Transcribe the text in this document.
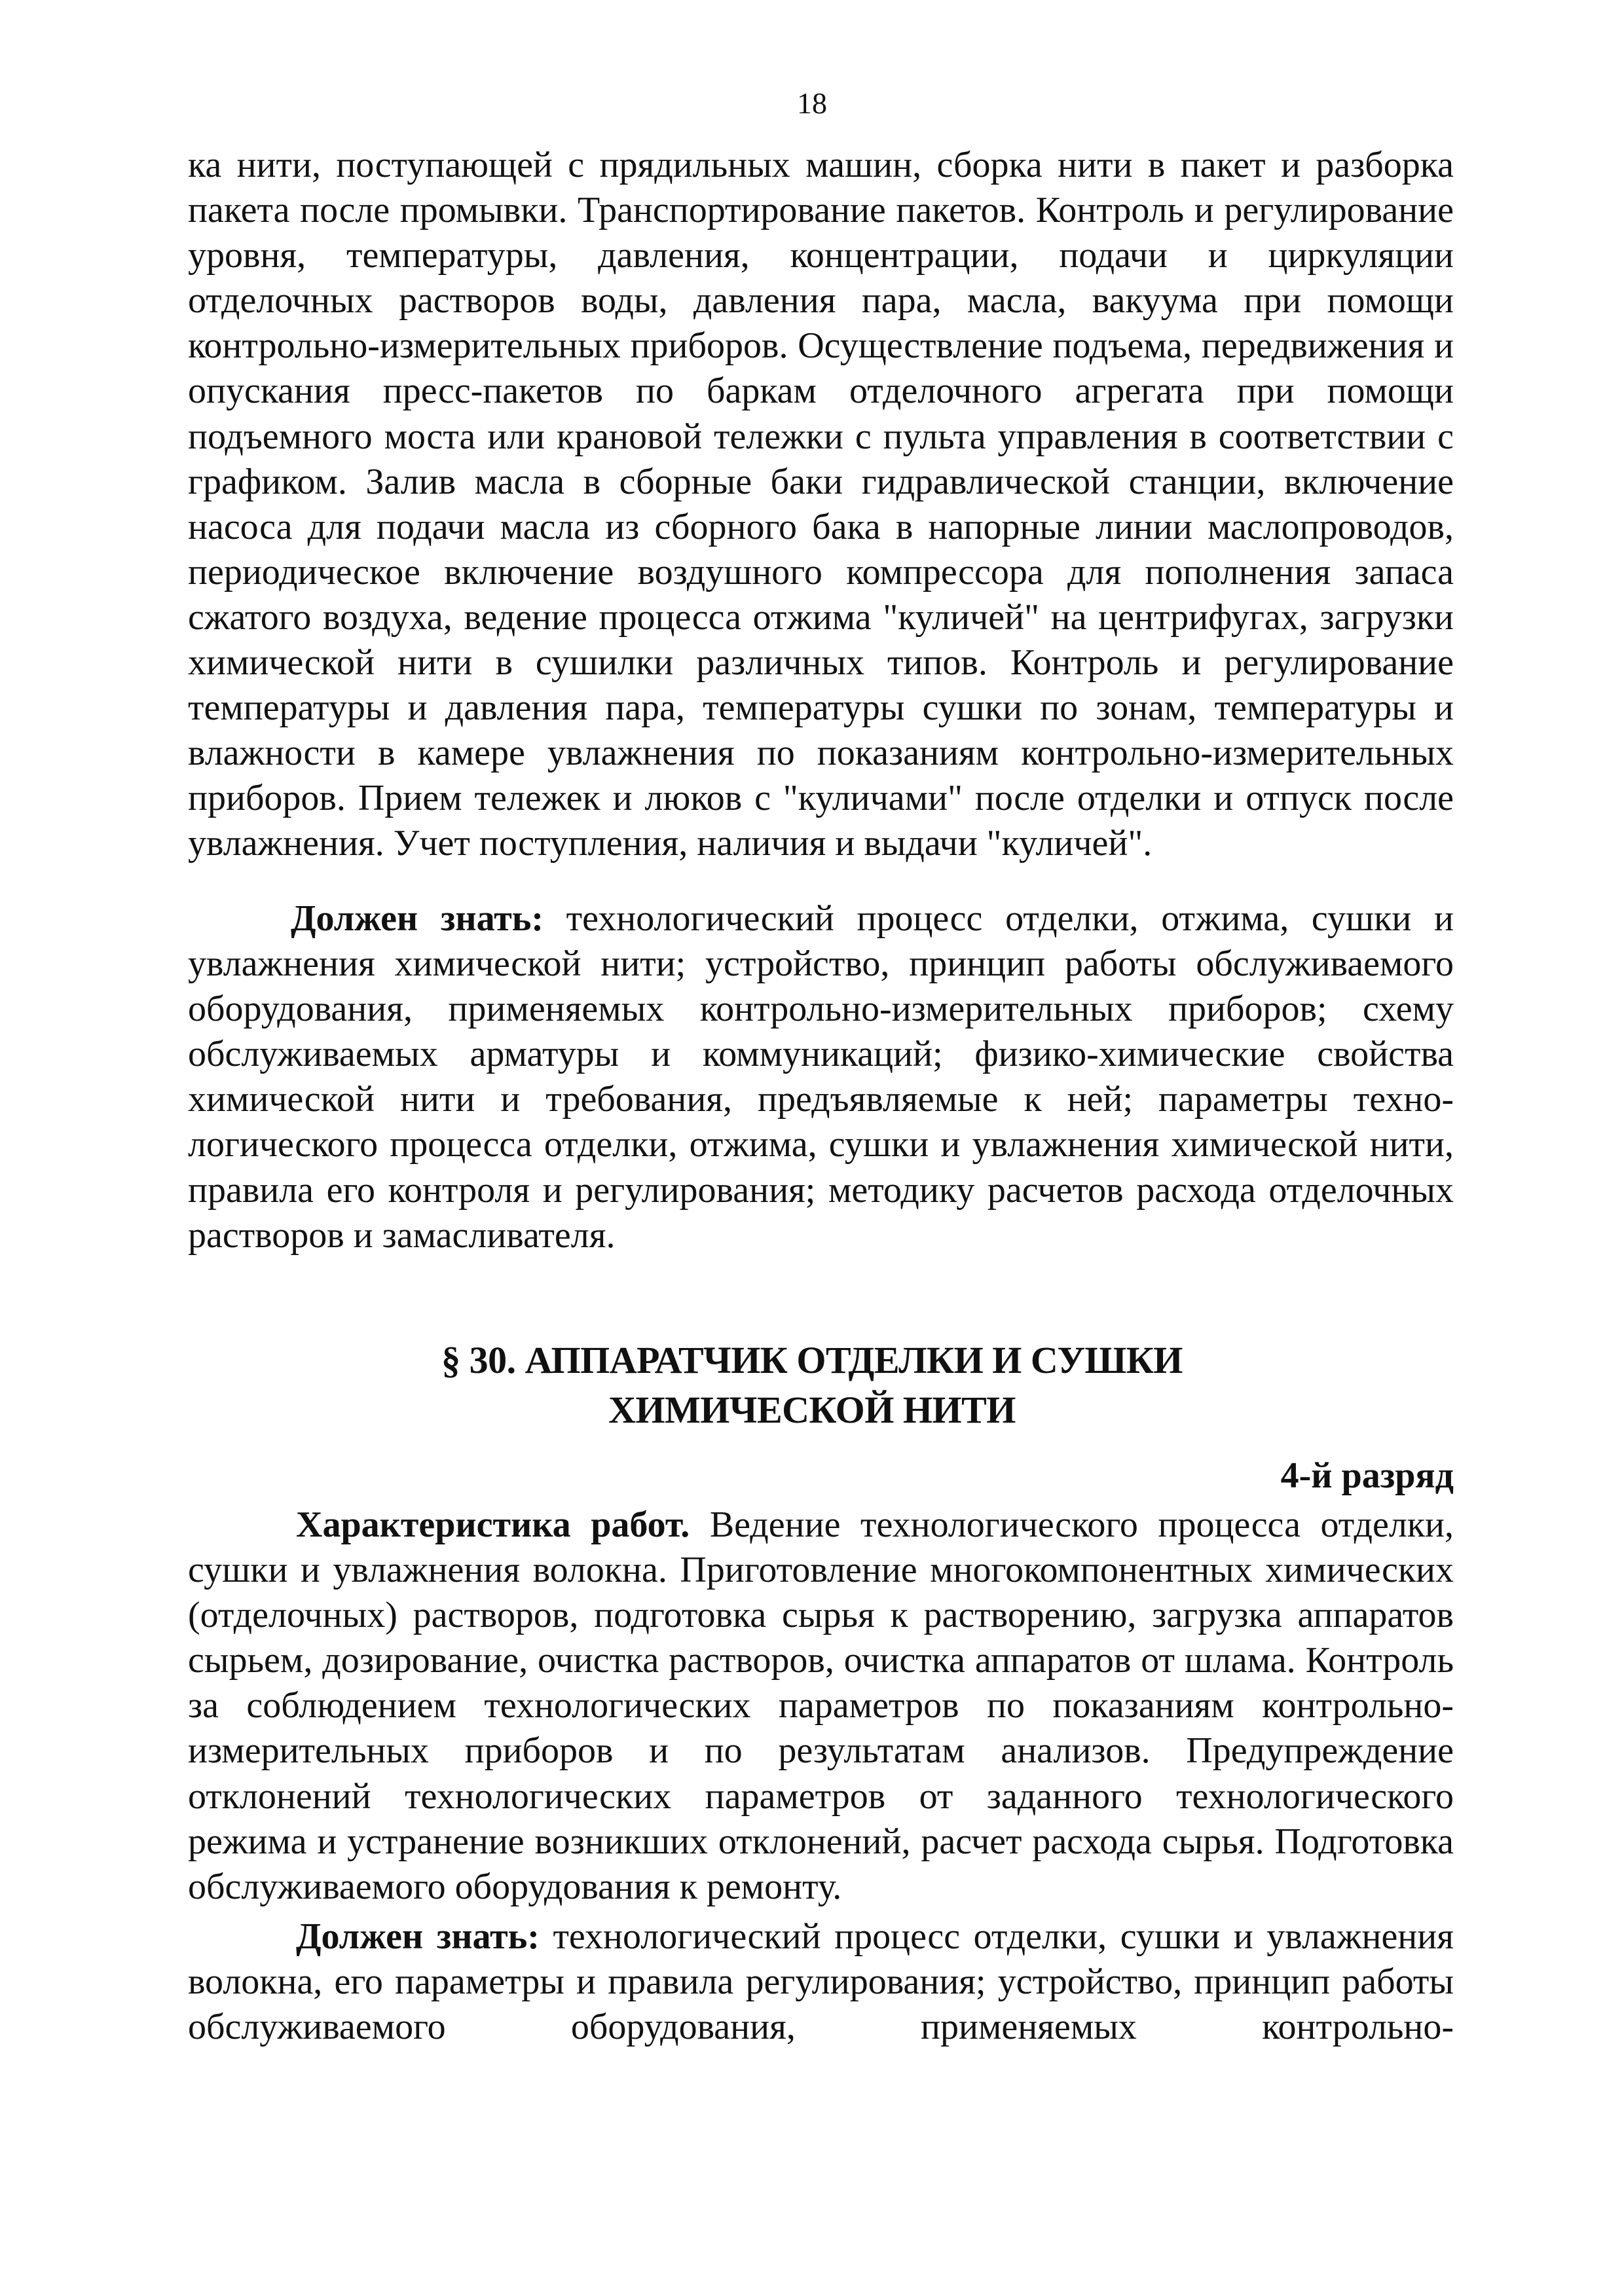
18

ка нити, поступающей с прядильных машин, сборка нити в пакет и разборка пакета после промывки. Транспортирование пакетов. Контроль и регулирование уровня, температуры, давления, концентрации, подачи и циркуляции отделочных растворов воды, давления пара, масла, вакуума при помощи контрольно-измерительных приборов. Осуществление подъема, передвижения и опускания пресс-пакетов по баркам отделочного агрегата при помощи подъемного моста или крановой тележки с пульта управления в соответствии с графиком. Залив масла в сборные баки гидравлической станции, включение насоса для подачи масла из сборного бака в напорные линии маслопроводов, периодическое включение воздушного компрессора для пополнения запаса сжатого воздуха, ведение процесса отжима "куличей" на центрифугах, загрузки химической нити в сушилки различных типов. Контроль и регулирование температуры и давления пара, температуры сушки по зонам, температуры и влажности в камере увлажнения по показаниям контрольно-измерительных приборов. Прием тележек и люков с "куличами" после отделки и отпуск после увлажнения. Учет поступления, наличия и выдачи "куличей".

Должен знать: технологический процесс отделки, отжима, сушки и увлажнения химической нити; устройство, принцип работы обслуживаемого оборудования, применяемых контрольно-измерительных приборов; схему обслуживаемых арматуры и коммуникаций; физико-химические свойства химической нити и требования, предъявляемые к ней; параметры технологического процесса отделки, отжима, сушки и увлажнения химической нити, правила его контроля и регулирования; методику расчетов расхода отделочных растворов и замасливателя.

§ 30. АППАРАТЧИК ОТДЕЛКИ И СУШКИ
ХИМИЧЕСКОЙ НИТИ
4-й разряд

Характеристика работ. Ведение технологического процесса отделки, сушки и увлажнения волокна. Приготовление многокомпонентных химических (отделочных) растворов, подготовка сырья к растворению, загрузка аппаратов сырьем, дозирование, очистка растворов, очистка аппаратов от шлама. Контроль за соблюдением технологических параметров по показаниям контрольно-измерительных приборов и по результатам анализов. Предупреждение отклонений технологических параметров от заданного технологического режима и устранение возникших отклонений, расчет расхода сырья. Подготовка обслуживаемого оборудования к ремонту.

Должен знать: технологический процесс отделки, сушки и увлажнения волокна, его параметры и правила регулирования; устройство, принцип работы обслуживаемого оборудования, применяемых контрольно-
